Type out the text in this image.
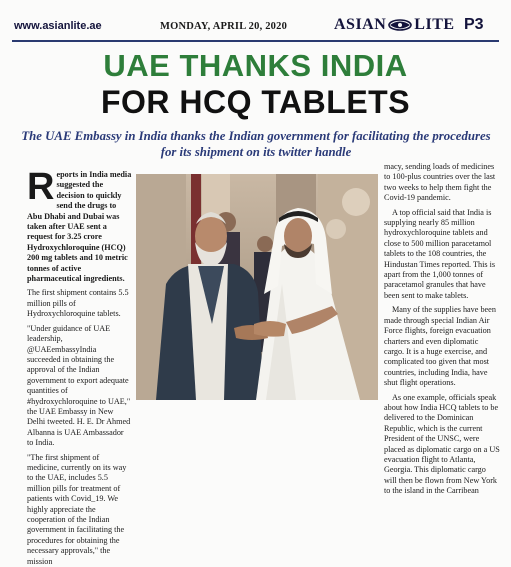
www.asianlite.ae	MONDAY, APRIL 20, 2020	ASIAN LITE P3
UAE THANKS INDIA
FOR HCQ TABLETS
The UAE Embassy in India thanks the Indian government for facilitating the procedures for its shipment on its twitter handle

Reports in India media suggested the decision to quickly send the drugs to Abu Dhabi and Dubai was taken after UAE sent a request for 3.25 crore Hydroxychloroquine (HCQ) 200 mg tablets and 10 metric tonnes of active pharmaceutical ingredients.

The first shipment contains 5.5 million pills of Hydroxychloroquine tablets.

"Under guidance of UAE leadership, @UAEembassyIndia succeeded in obtaining the approval of the Indian government to export adequate quantities of #hydroxychloroquine to UAE," the UAE Embassy in New Delhi tweeted. H. E. Dr Ahmed Albanna is UAE Ambassador to India.

"The first shipment of medicine, currently on its way to the UAE, includes 5.5 million pills for treatment of patients with Covid_19. We highly appreciate the cooperation of the Indian government in facilitating the procedures for obtaining the necessary approvals," the mission

macy, sending loads of medicines to 100-plus countries over the last two weeks to help them fight the Covid-19 pandemic.

A top official said that India is supplying nearly 85 million hydroxychloroquine tablets and close to 500 million paracetamol tablets to the 108 countries, the Hindustan Times reported. This is apart from the 1,000 tonnes of paracetamol granules that have been sent to make tablets.

Many of the supplies have been made through special Indian Air Force flights, foreign evacuation charters and even diplomatic cargo. It is a huge exercise, and complicated too given that most countries, including India, have shut flight operations.

As one example, officials speak about how India HCQ tablets to be delivered to the Dominican Republic, which is the current President of the UNSC, were placed as diplomatic cargo on a US evacuation flight to Atlanta, Georgia. This diplomatic cargo will then be flown from New York to the island in the Carribean
